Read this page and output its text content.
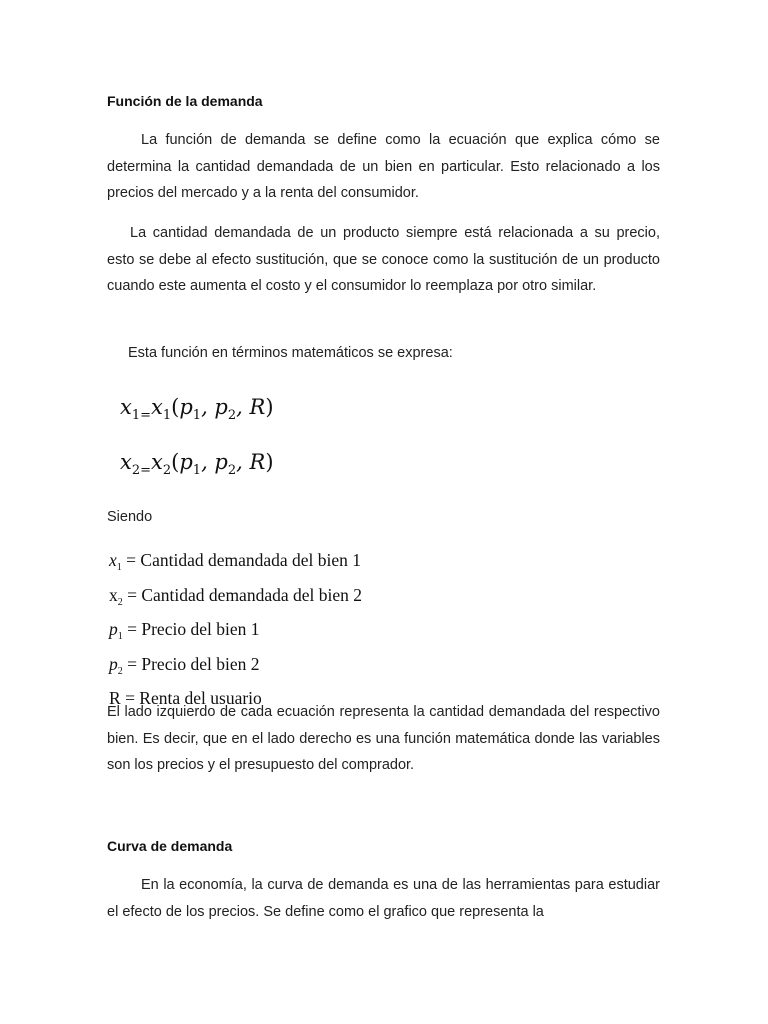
Función de la demanda

La función de demanda se define como la ecuación que explica cómo se determina la cantidad demandada de un bien en particular. Esto relacionado a los precios del mercado y a la renta del consumidor.

La cantidad demandada de un producto siempre está relacionada a su precio, esto se debe al efecto sustitución, que se conoce como la sustitución de un producto cuando este aumenta el costo y el consumidor lo reemplaza por otro similar.

Esta función en términos matemáticos se expresa:
$x_{1=}x_1(p_1$, $p_2$, R)
$x_{2=}x_2(p_1$, $p_2$, R)
Siendo
$x_1$ = Cantidad demandada del bien 1
$x_2$ = Cantidad demandada del bien 2
$p_1$ = Precio del bien 1
$p_2$ = Precio del bien 2
R = Renta del usuario

El lado izquierdo de cada ecuación representa la cantidad demandada del respectivo bien. Es decir, que en el lado derecho es una función matemática donde las variables son los precios y el presupuesto del comprador.

Curva de demanda

En la economía, la curva de demanda es una de las herramientas para estudiar el efecto de los precios. Se define como el grafico que representa la
